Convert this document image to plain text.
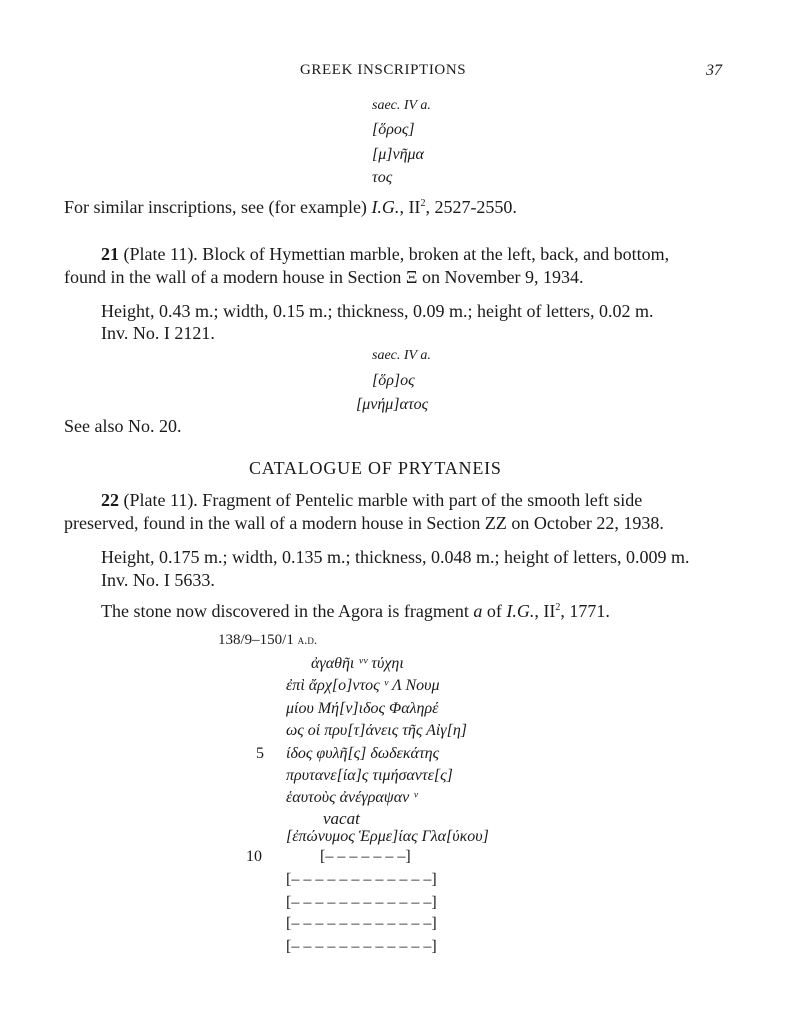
GREEK INSCRIPTIONS	37
saec. IV a.
[ὅρος]
[μ]νῆμα
τος
For similar inscriptions, see (for example) I.G., $II^2$, 2527-2550.
21 (Plate 11). Block of Hymettian marble, broken at the left, back, and bottom,
found in the wall of a modern house in Section Ξ on November 9, 1934.
Height, 0.43 m.; width, 0.15 m.; thickness, 0.09 m.; height of letters, 0.02 m.
Inv. No. I 2121.
saec. IV a.
[ὅρ]ος
[μνήμ]ατος
See also No. 20.
CATALOGUE OF PRYTANEIS
22 (Plate 11). Fragment of Pentelic marble with part of the smooth left side
preserved, found in the wall of a modern house in Section ZZ on October 22, 1938.
Height, 0.175 m.; width, 0.135 m.; thickness, 0.048 m.; height of letters, 0.009 m.
Inv. No. I 5633.
The stone now discovered in the Agora is fragment a of I.G., $II^2$, 1771.
138/9–150/1 a.d.
ἀγαθῆι ᵛᵛ τύχηι
ἐπὶ ἄρχ[ο]ντος ᵛ Λ Νουμ
μίου Μή[ν]ιδος Φαληρέ
ως οἱ πρυ[τ]άνεις τῆς Αἰγ[η]
5 ίδος φυλῆ[ς] δωδεκάτης
πρυτανε[ία]ς τιμήσαντε[ς]
ἑαυτοὺς ἀνέγραψαν ᵛ
vacat
[ἐπώνυμος Ἑρμε]ίας Γλα[ύκου]
10	[‒ ‒ ‒ ‒ ‒ ‒ ‒]
[‒ ‒ ‒ ‒ ‒ ‒ ‒ ‒ ‒ ‒ ‒ ‒]
[‒ ‒ ‒ ‒ ‒ ‒ ‒ ‒ ‒ ‒ ‒ ‒]
[‒ ‒ ‒ ‒ ‒ ‒ ‒ ‒ ‒ ‒ ‒ ‒]
[‒ ‒ ‒ ‒ ‒ ‒ ‒ ‒ ‒ ‒ ‒ ‒]
